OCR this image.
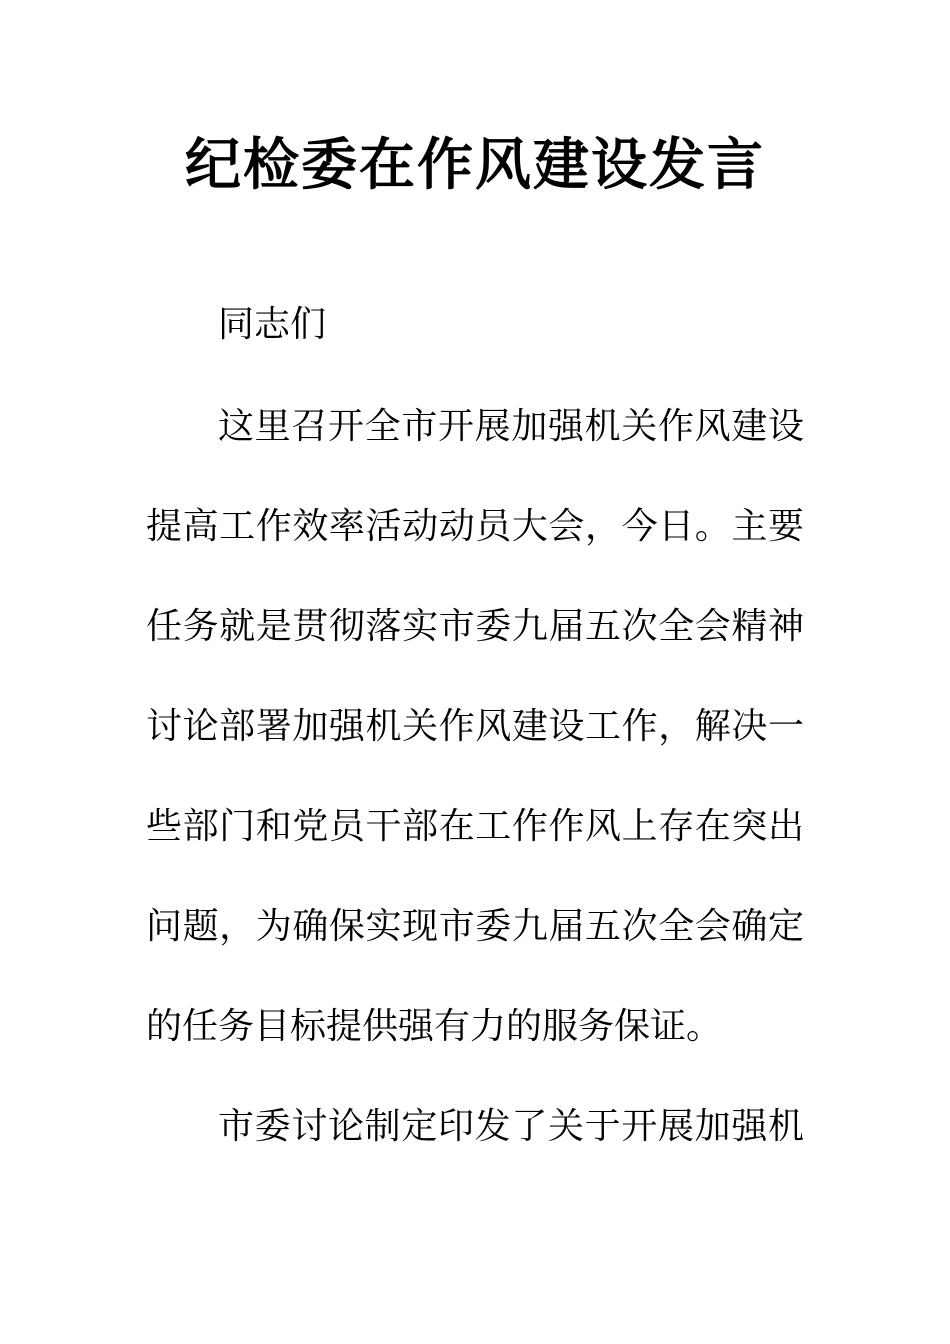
纪检委在作风建设发言

同志们

这里召开全市开展加强机关作风建设

提高工作效率活动动员大会，今日。主要

任务就是贯彻落实市委九届五次全会精神

讨论部署加强机关作风建设工作，解决一

些部门和党员干部在工作作风上存在突出

问题，为确保实现市委九届五次全会确定

的任务目标提供强有力的服务保证。

市委讨论制定印发了关于开展加强机
